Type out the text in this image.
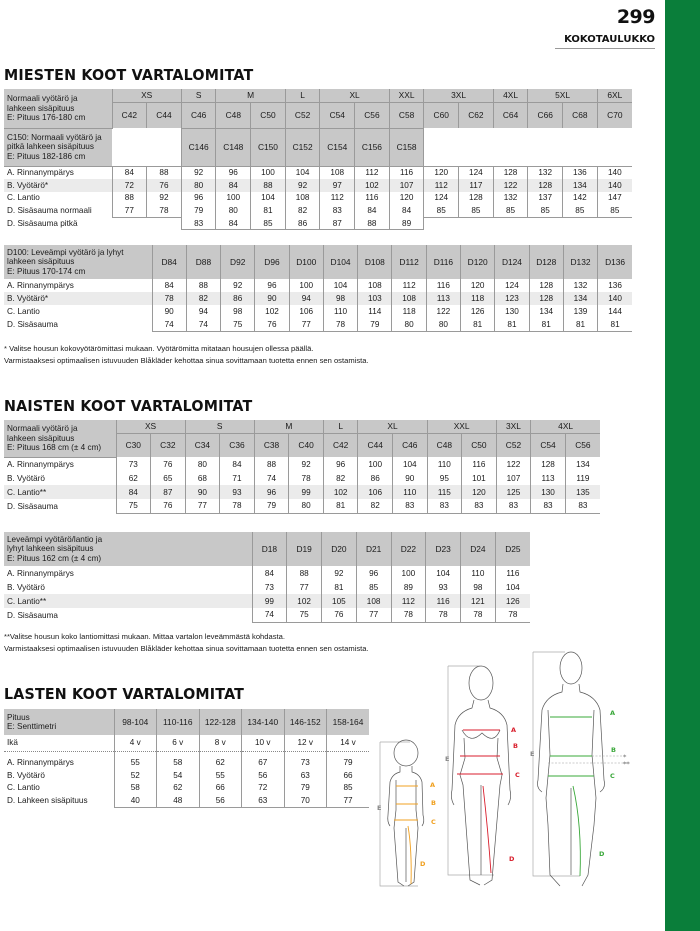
299
KOKOTAULUKKO
MIESTEN KOOT VARTALOMITAT
Normaali vyötärö ja
lahkeen sisäpituus
E: Pituus 176-180 cm	XS		S	M		L	XL		XXL	3XL		4XL	5XL		6XL
	C42	C44	C46	C48	C50	C52	C54	C56	C58	C60	C62	C64	C66	C68	C70

C150: Normaali vyötärö ja
pitkä lahkeen sisäpituus
E: Pituus 182-186 cm			C146	C148	C150	C152	C154	C156	C158						
A. Rinnanympärys	84	88	92	96	100	104	108	112	116	120	124	128	132	136	140
B. Vyötärö*	72	76	80	84	88	92	97	102	107	112	117	122	128	134	140
C. Lantio	88	92	96	100	104	108	112	116	120	124	128	132	137	142	147
D. Sisäsauma normaali	77	78	79	80	81	82	83	84	84	85	85	85	85	85	85
D. Sisäsauma pitkä			83	84	85	86	87	88	89						
D100: Leveämpi vyötärö ja lyhyt
lahkeen sisäpituus
E: Pituus 170-174 cm	D84	D88	D92	D96	D100	D104	D108	D112	D116	D120	D124	D128	D132	D136
A. Rinnanympärys	84	88	92	96	100	104	108	112	116	120	124	128	132	136
B. Vyötärö*	78	82	86	90	94	98	103	108	113	118	123	128	134	140
C. Lantio	90	94	98	102	106	110	114	118	122	126	130	134	139	144
D. Sisäsauma	74	74	75	76	77	78	79	80	80	81	81	81	81	81
* Valitse housun kokovyötärömittasi mukaan. Vyötärömitta mitataan housujen ollessa päällä.
Varmistaaksesi optimaalisen istuvuuden Blåkläder kehottaa sinua sovittamaan tuotetta ennen sen ostamista.
NAISTEN KOOT VARTALOMITAT
Normaali vyötärö ja
lahkeen sisäpituus
E: Pituus 168 cm (± 4 cm)	XS		S		M		L	XL		XXL		3XL	4XL	
	C30	C32	C34	C36	C38	C40	C42	C44	C46	C48	C50	C52	C54	C56
A. Rinnanympärys	73	76	80	84	88	92	96	100	104	110	116	122	128	134
B. Vyötärö	62	65	68	71	74	78	82	86	90	95	101	107	113	119
C. Lantio**	84	87	90	93	96	99	102	106	110	115	120	125	130	135
D. Sisäsauma	75	76	77	78	79	80	81	82	83	83	83	83	83	83
Leveämpi vyötärö/lantio ja
lyhyt lahkeen sisäpituus
E: Pituus 162 cm (± 4 cm)	D18	D19	D20	D21	D22	D23	D24	D25
A. Rinnanympärys	84	88	92	96	100	104	110	116
B. Vyötärö	73	77	81	85	89	93	98	104
C. Lantio**	99	102	105	108	112	116	121	126
D. Sisäsauma	74	75	76	77	78	78	78	78
**Valitse housun koko lantiomittasi mukaan. Mittaa vartalon leveämmästä kohdasta.
Varmistaaksesi optimaalisen istuvuuden Blåkläder kehottaa sinua sovittamaan tuotetta ennen sen ostamista.
LASTEN KOOT VARTALOMITAT
Pituus
E: Senttimetri	98-104	110-116	122-128	134-140	146-152	158-164
Ikä	4 v	6 v	8 v	10 v	12 v	14 v

A. Rinnanympärys	55	58	62	67	73	79
B. Vyötärö	52	54	55	56	63	66
C. Lantio	58	62	66	72	79	85
D. Lahkeen sisäpituus	40	48	56	63	70	77
A
B
C
D
E
A
B
C
D
E
A
B
C
D
E	*
**
